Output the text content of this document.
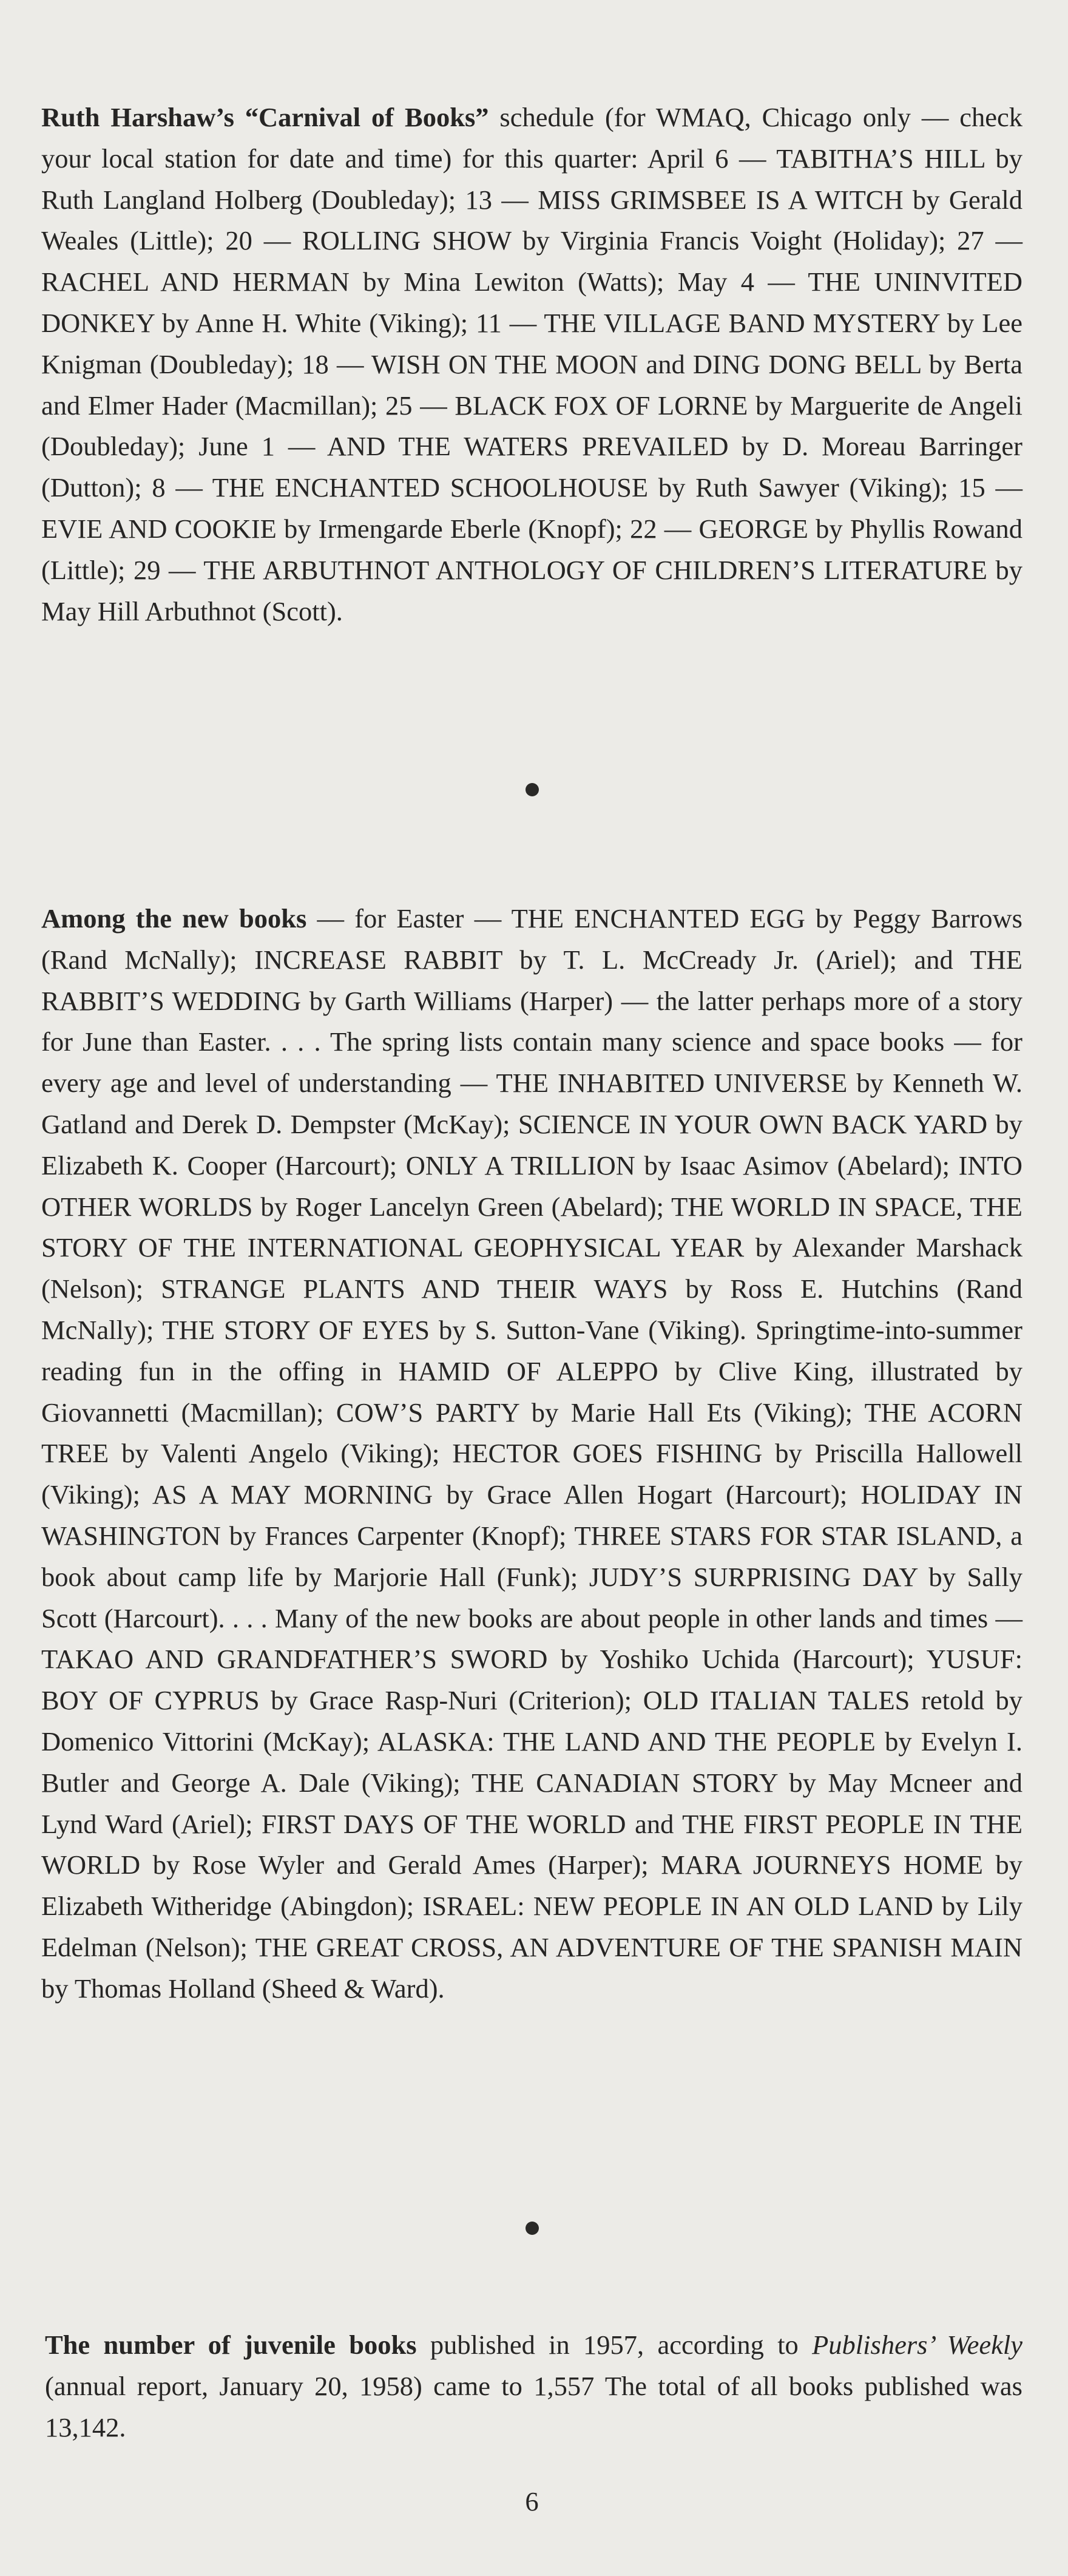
Ruth Harshaw’s “Carnival of Books” schedule (for WMAQ, Chicago only — check your local station for date and time) for this quarter: April 6 — TABITHA’S HILL by Ruth Langland Holberg (Doubleday); 13 — MISS GRIMSBEE IS A WITCH by Gerald Weales (Little); 20 — ROLLING SHOW by Virginia Francis Voight (Holiday); 27 — RACHEL AND HERMAN by Mina Lewiton (Watts); May 4 — THE UNINVITED DONKEY by Anne H. White (Viking); 11 — THE VILLAGE BAND MYSTERY by Lee Knigman (Doubleday); 18 — WISH ON THE MOON and DING DONG BELL by Berta and Elmer Hader (Macmillan); 25 — BLACK FOX OF LORNE by Marguerite de Angeli (Doubleday); June 1 — AND THE WATERS PREVAILED by D. Moreau Barringer (Dutton); 8 — THE ENCHANTED SCHOOLHOUSE by Ruth Sawyer (Viking); 15 — EVIE AND COOKIE by Irmengarde Eberle (Knopf); 22 — GEORGE by Phyllis Rowand (Little); 29 — THE ARBUTHNOT ANTHOLOGY OF CHILDREN’S LITERATURE by May Hill Arbuthnot (Scott).

Among the new books — for Easter — THE ENCHANTED EGG by Peggy Barrows (Rand McNally); INCREASE RABBIT by T. L. McCready Jr. (Ariel); and THE RABBIT’S WEDDING by Garth Williams (Harper) — the latter perhaps more of a story for June than Easter. . . . The spring lists contain many science and space books — for every age and level of understanding — THE INHABITED UNIVERSE by Kenneth W. Gatland and Derek D. Dempster (McKay); SCIENCE IN YOUR OWN BACK YARD by Elizabeth K. Cooper (Harcourt); ONLY A TRILLION by Isaac Asimov (Abelard); INTO OTHER WORLDS by Roger Lancelyn Green (Abelard); THE WORLD IN SPACE, THE STORY OF THE INTERNATIONAL GEOPHYSICAL YEAR by Alexander Marshack (Nelson); STRANGE PLANTS AND THEIR WAYS by Ross E. Hutchins (Rand McNally); THE STORY OF EYES by S. Sutton-Vane (Viking). Springtime-into-summer reading fun in the offing in HAMID OF ALEPPO by Clive King, illustrated by Giovannetti (Macmillan); COW’S PARTY by Marie Hall Ets (Viking); THE ACORN TREE by Valenti Angelo (Viking); HECTOR GOES FISHING by Priscilla Hallowell (Viking); AS A MAY MORNING by Grace Allen Hogart (Harcourt); HOLIDAY IN WASHINGTON by Frances Carpenter (Knopf); THREE STARS FOR STAR ISLAND, a book about camp life by Marjorie Hall (Funk); JUDY’S SURPRISING DAY by Sally Scott (Harcourt). . . . Many of the new books are about people in other lands and times — TAKAO AND GRANDFATHER’S SWORD by Yoshiko Uchida (Harcourt); YUSUF: BOY OF CYPRUS by Grace Rasp-Nuri (Criterion); OLD ITALIAN TALES retold by Domenico Vittorini (McKay); ALASKA: THE LAND AND THE PEOPLE by Evelyn I. Butler and George A. Dale (Viking); THE CANADIAN STORY by May Mcneer and Lynd Ward (Ariel); FIRST DAYS OF THE WORLD and THE FIRST PEOPLE IN THE WORLD by Rose Wyler and Gerald Ames (Harper); MARA JOURNEYS HOME by Elizabeth Witheridge (Abingdon); ISRAEL: NEW PEOPLE IN AN OLD LAND by Lily Edelman (Nelson); THE GREAT CROSS, AN ADVENTURE OF THE SPANISH MAIN by Thomas Holland (Sheed & Ward).

The number of juvenile books published in 1957, according to Publishers’ Weekly (annual report, January 20, 1958) came to 1,557 The total of all books published was 13,142.

6
